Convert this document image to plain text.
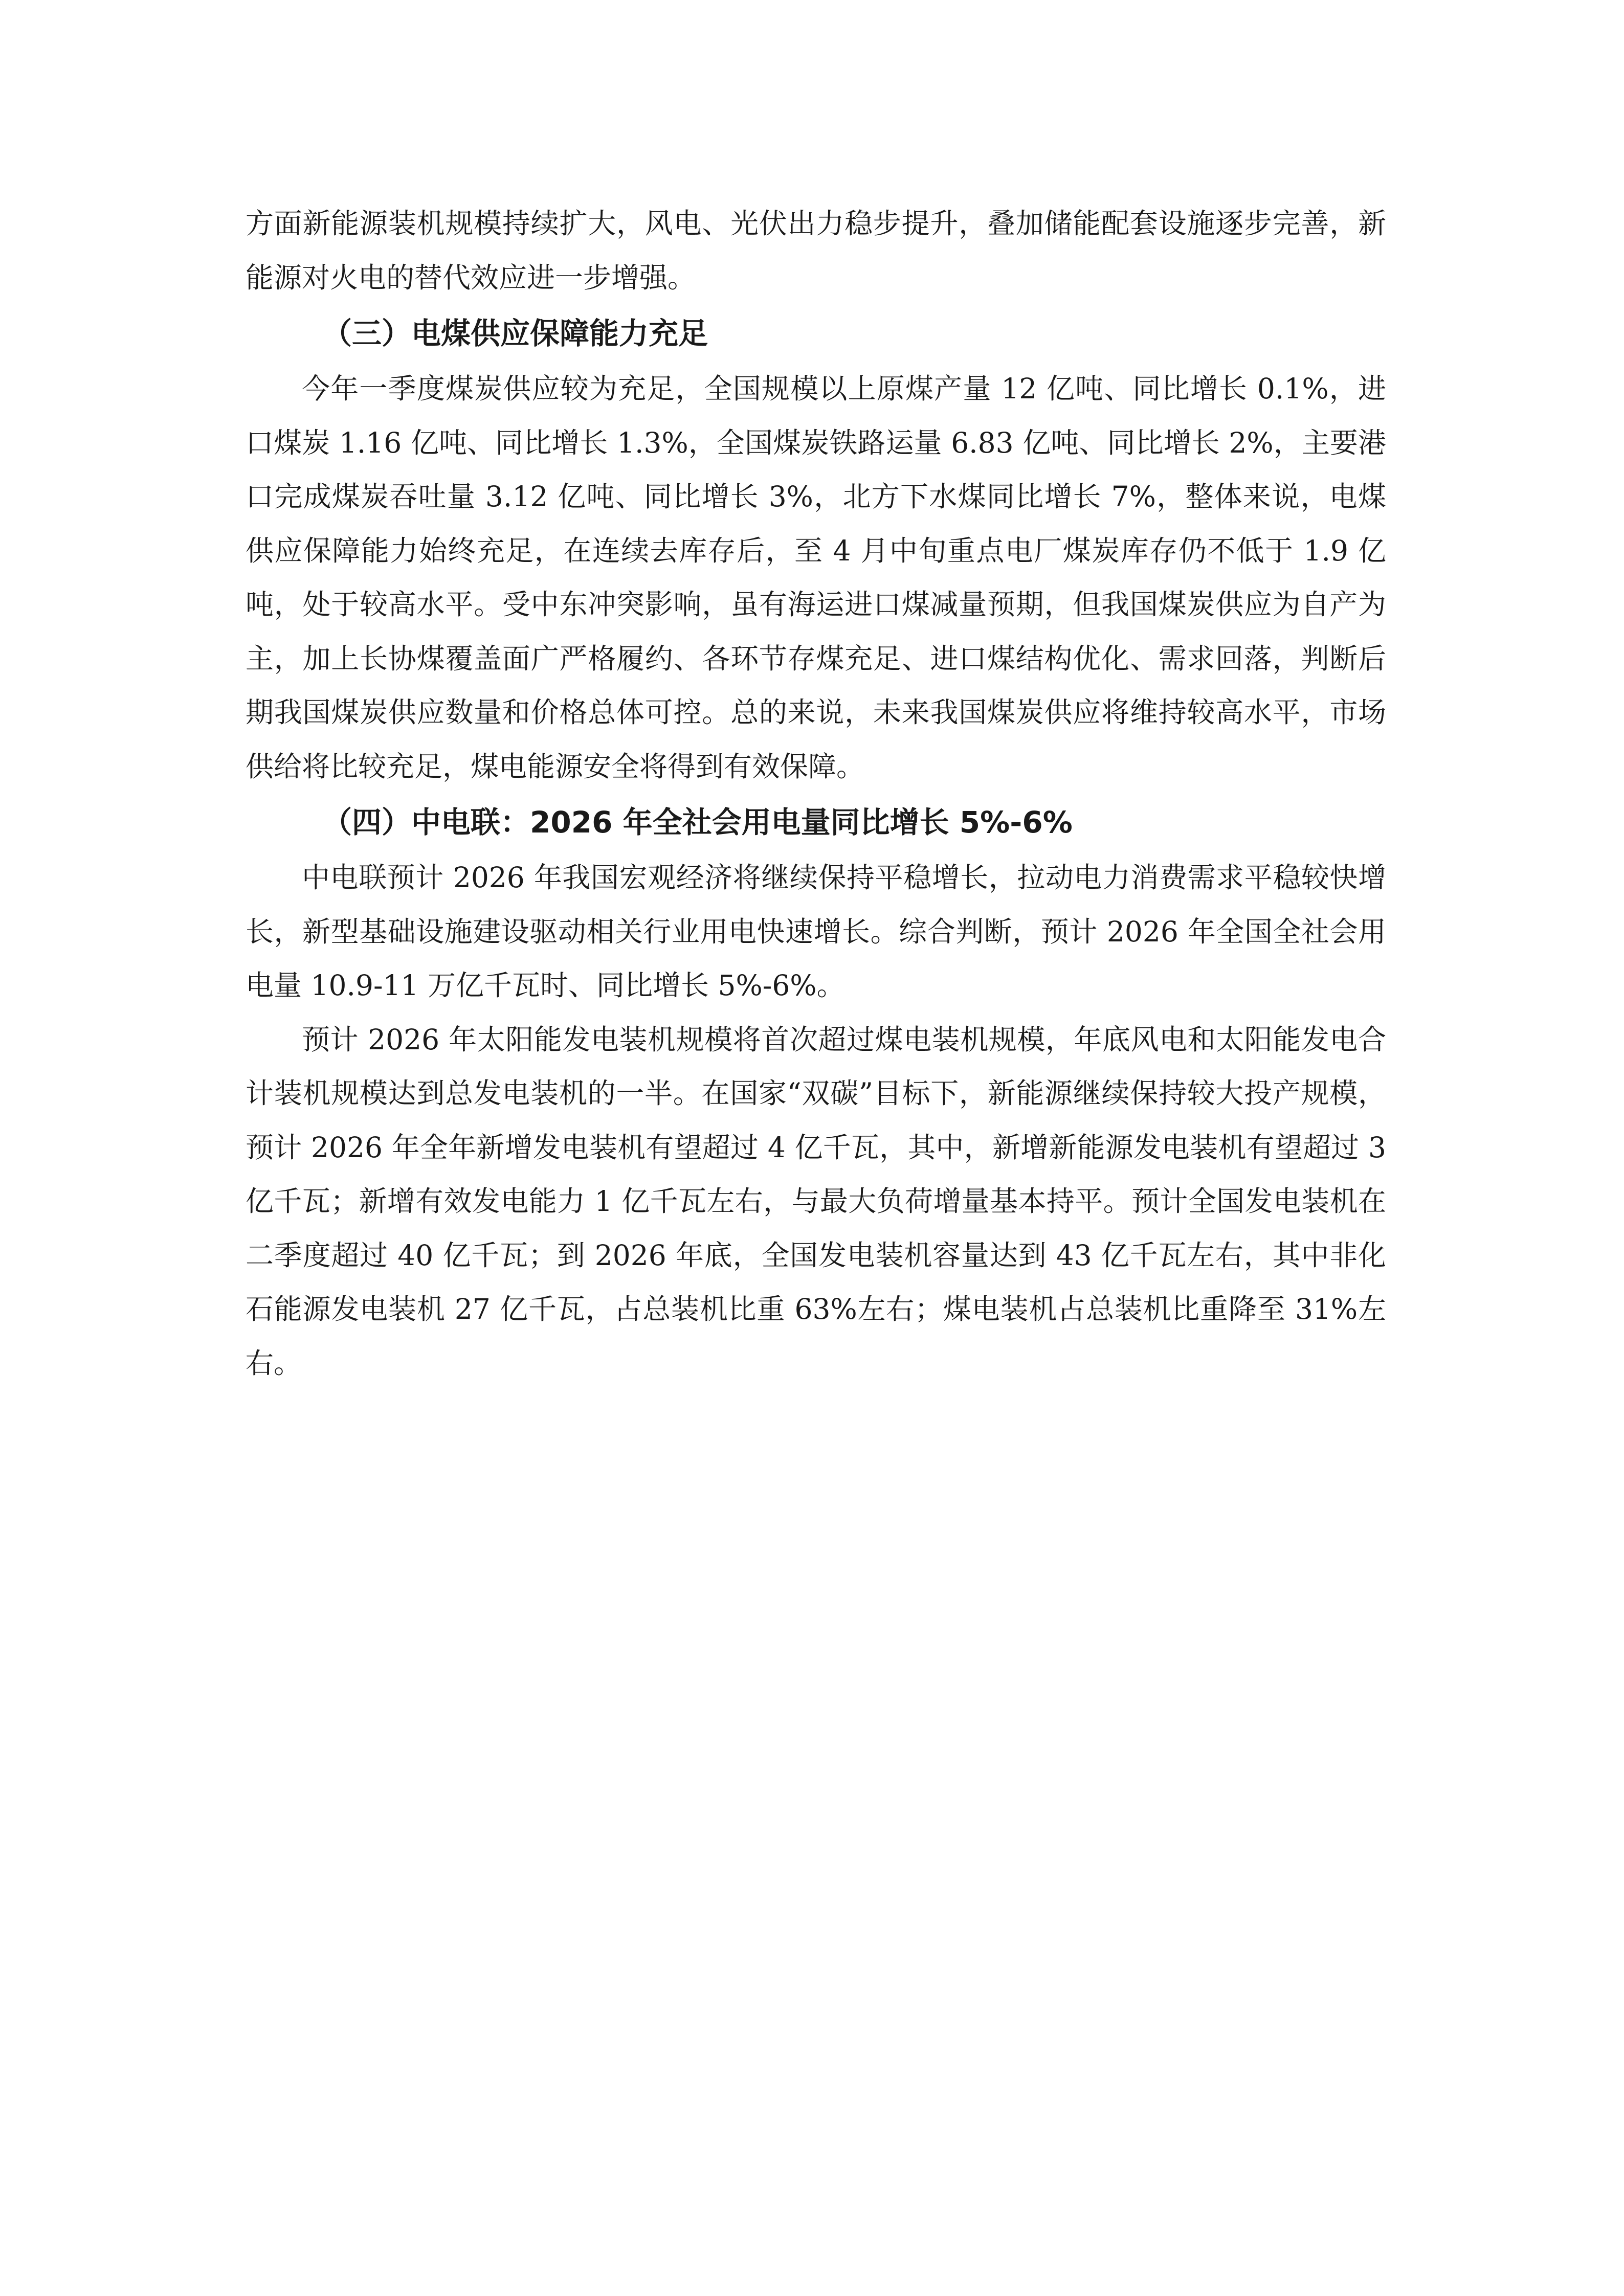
方面新能源装机规模持续扩大，风电、光伏出力稳步提升，叠加储能配套设施逐步完善，新能源对火电的替代效应进一步增强。

（三）电煤供应保障能力充足

今年一季度煤炭供应较为充足，全国规模以上原煤产量 12 亿吨、同比增长 0.1%，进口煤炭 1.16 亿吨、同比增长 1.3%，全国煤炭铁路运量 6.83 亿吨、同比增长 2%，主要港口完成煤炭吞吐量 3.12 亿吨、同比增长 3%，北方下水煤同比增长 7%，整体来说，电煤供应保障能力始终充足，在连续去库存后，至 4 月中旬重点电厂煤炭库存仍不低于 1.9 亿吨，处于较高水平。受中东冲突影响，虽有海运进口煤减量预期，但我国煤炭供应为自产为主，加上长协煤覆盖面广严格履约、各环节存煤充足、进口煤结构优化、需求回落，判断后期我国煤炭供应数量和价格总体可控。总的来说，未来我国煤炭供应将维持较高水平，市场供给将比较充足，煤电能源安全将得到有效保障。

（四）中电联：2026 年全社会用电量同比增长 5%-6%

中电联预计 2026 年我国宏观经济将继续保持平稳增长，拉动电力消费需求平稳较快增长，新型基础设施建设驱动相关行业用电快速增长。综合判断，预计 2026 年全国全社会用电量 10.9-11 万亿千瓦时、同比增长 5%-6%。

预计 2026 年太阳能发电装机规模将首次超过煤电装机规模，年底风电和太阳能发电合计装机规模达到总发电装机的一半。在国家“双碳”目标下，新能源继续保持较大投产规模，预计 2026 年全年新增发电装机有望超过 4 亿千瓦，其中，新增新能源发电装机有望超过 3 亿千瓦；新增有效发电能力 1 亿千瓦左右，与最大负荷增量基本持平。预计全国发电装机在二季度超过 40 亿千瓦；到 2026 年底，全国发电装机容量达到 43 亿千瓦左右，其中非化石能源发电装机 27 亿千瓦，占总装机比重 63%左右；煤电装机占总装机比重降至 31%左右。
